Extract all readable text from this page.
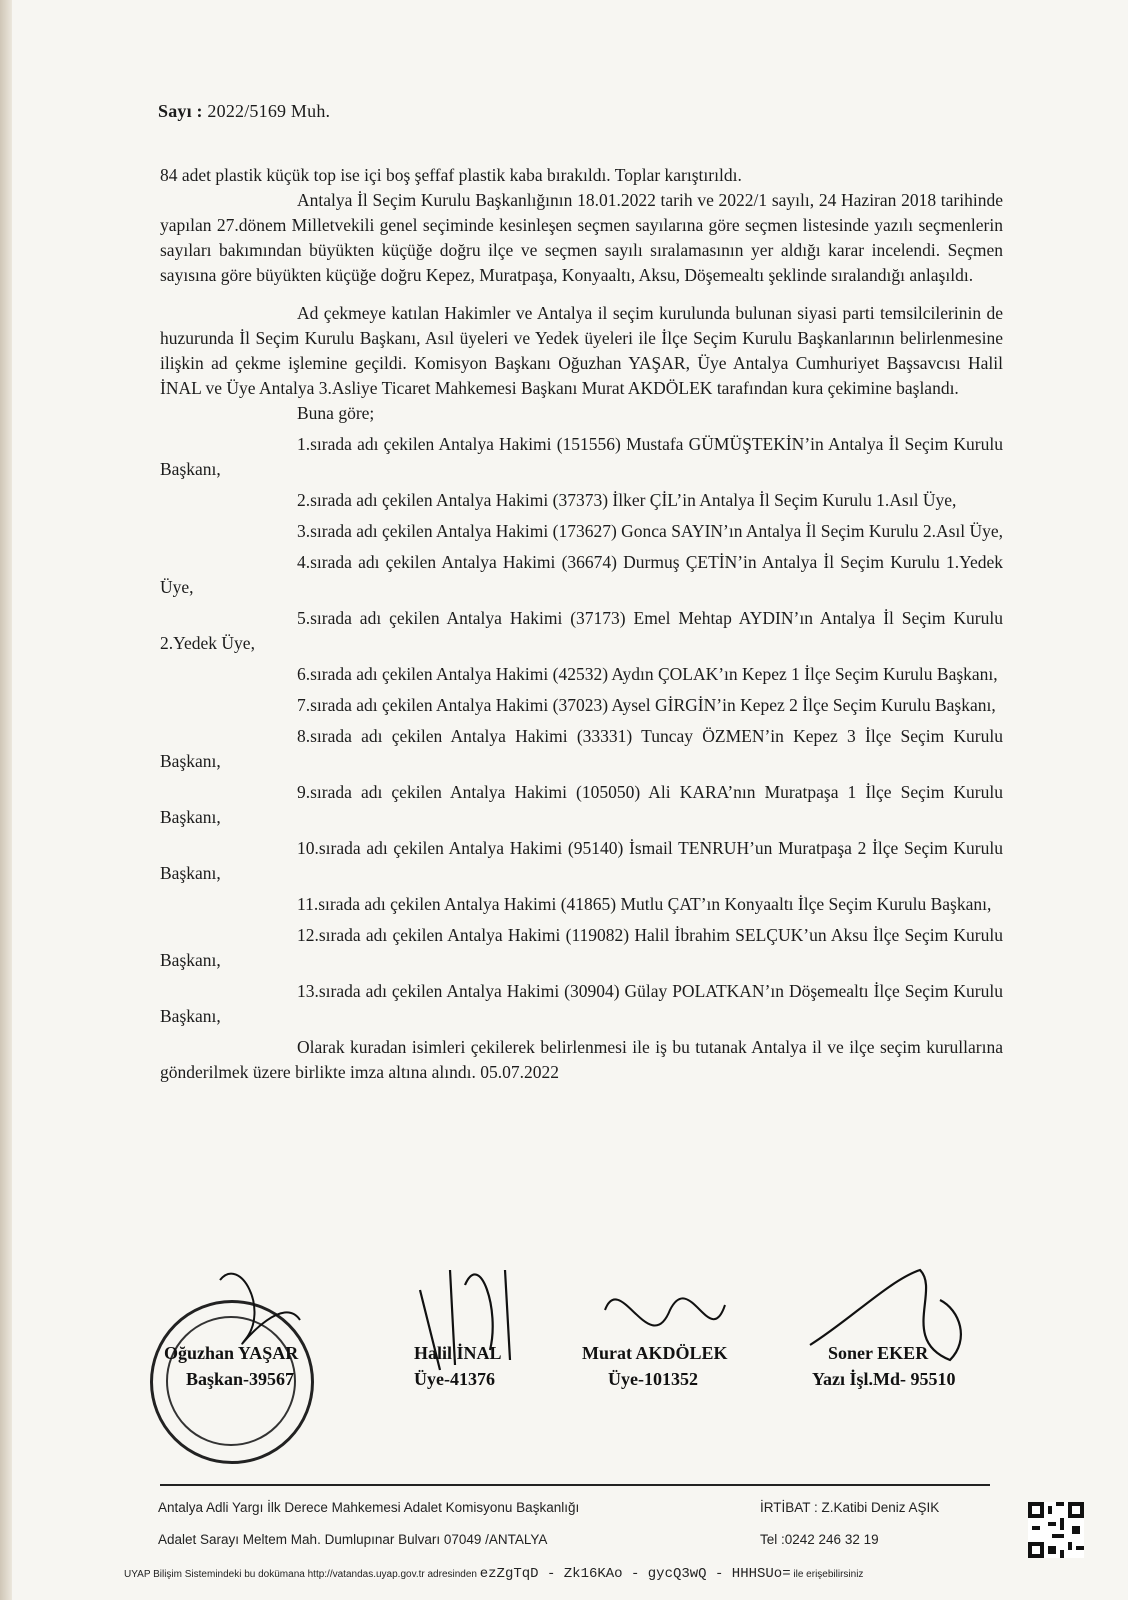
Sayı : 2022/5169 Muh.

84 adet plastik küçük top ise içi boş şeffaf plastik kaba bırakıldı. Toplar karıştırıldı.

Antalya İl Seçim Kurulu Başkanlığının 18.01.2022 tarih ve 2022/1 sayılı, 24 Haziran 2018 tarihinde yapılan 27.dönem Milletvekili genel seçiminde kesinleşen seçmen sayılarına göre seçmen listesinde yazılı seçmenlerin sayıları bakımından büyükten küçüğe doğru ilçe ve seçmen sayılı sıralamasının yer aldığı karar incelendi. Seçmen sayısına göre büyükten küçüğe doğru Kepez, Muratpaşa, Konyaaltı, Aksu, Döşemealtı şeklinde sıralandığı anlaşıldı.

Ad çekmeye katılan Hakimler ve Antalya il seçim kurulunda bulunan siyasi parti temsilcilerinin de huzurunda İl Seçim Kurulu Başkanı, Asıl üyeleri ve Yedek üyeleri ile İlçe Seçim Kurulu Başkanlarının belirlenmesine ilişkin ad çekme işlemine geçildi. Komisyon Başkanı Oğuzhan YAŞAR, Üye Antalya Cumhuriyet Başsavcısı Halil İNAL ve Üye Antalya 3.Asliye Ticaret Mahkemesi Başkanı Murat AKDÖLEK tarafından kura çekimine başlandı.

Buna göre;

1.sırada adı çekilen Antalya Hakimi (151556) Mustafa GÜMÜŞTEKİN’in Antalya İl Seçim Kurulu Başkanı,

2.sırada adı çekilen Antalya Hakimi (37373) İlker ÇİL’in Antalya İl Seçim Kurulu 1.Asıl Üye,

3.sırada adı çekilen Antalya Hakimi (173627) Gonca SAYIN’ın Antalya İl Seçim Kurulu 2.Asıl Üye,

4.sırada adı çekilen Antalya Hakimi (36674) Durmuş ÇETİN’in Antalya İl Seçim Kurulu 1.Yedek Üye,

5.sırada adı çekilen Antalya Hakimi (37173) Emel Mehtap AYDIN’ın Antalya İl Seçim Kurulu 2.Yedek Üye,

6.sırada adı çekilen Antalya Hakimi (42532) Aydın ÇOLAK’ın Kepez 1 İlçe Seçim Kurulu Başkanı,

7.sırada adı çekilen Antalya Hakimi (37023) Aysel GİRGİN’in Kepez 2 İlçe Seçim Kurulu Başkanı,

8.sırada adı çekilen Antalya Hakimi (33331) Tuncay ÖZMEN’in Kepez 3 İlçe Seçim Kurulu Başkanı,

9.sırada adı çekilen Antalya Hakimi (105050) Ali KARA’nın Muratpaşa 1 İlçe Seçim Kurulu Başkanı,

10.sırada adı çekilen Antalya Hakimi (95140) İsmail TENRUH’un Muratpaşa 2 İlçe Seçim Kurulu Başkanı,

11.sırada adı çekilen Antalya Hakimi (41865) Mutlu ÇAT’ın Konyaaltı İlçe Seçim Kurulu Başkanı,

12.sırada adı çekilen Antalya Hakimi (119082) Halil İbrahim SELÇUK’un Aksu İlçe Seçim Kurulu Başkanı,

13.sırada adı çekilen Antalya Hakimi (30904) Gülay POLATKAN’ın Döşemealtı İlçe Seçim Kurulu Başkanı,

Olarak kuradan isimleri çekilerek belirlenmesi ile iş bu tutanak Antalya il ve ilçe seçim kurullarına gönderilmek üzere birlikte imza altına alındı. 05.07.2022

Oğuzhan YAŞAR
Başkan-39567
Halil İNAL
Üye-41376
Murat AKDÖLEK
Üye-101352
Soner EKER
Yazı İşl.Md- 95510
Antalya Adli Yargı İlk Derece Mahkemesi Adalet Komisyonu Başkanlığı
Adalet Sarayı Meltem Mah. Dumlupınar Bulvarı 07049 /ANTALYA
İRTİBAT : Z.Katibi Deniz AŞIK
Tel :0242 246 32 19
UYAP Bilişim Sistemindeki bu dokümana http://vatandas.uyap.gov.tr adresinden ezZgTqD - Zk16KAo - gycQ3wQ - HHHSUo= ile erişebilirsiniz
